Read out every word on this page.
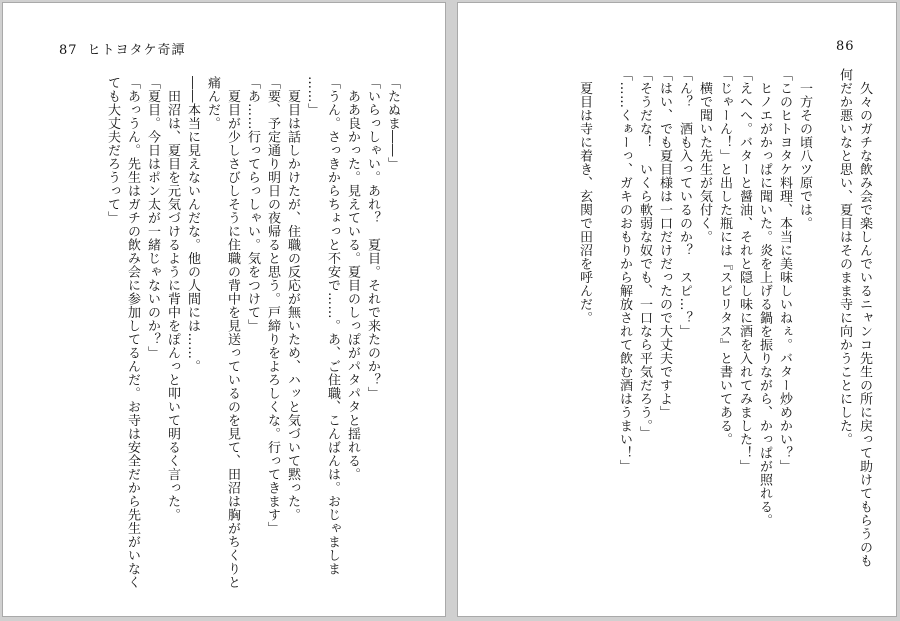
87 ヒトヨタケ奇譚
「たぬま――」
「いらっしゃい。あれ？　夏目。それで来たのか？」
　ああ良かった。見えている。夏目のしっぽがパタパタと揺れる。
「うん。さっきからちょっと不安で……。あ、ご住職、こんばんは。おじゃましま
……」
　夏目は話しかけたが、住職の反応が無いため、ハッと気づいて黙った。
「要、予定通り明日の夜帰ると思う。戸締りをよろしくな。行ってきます」
「あ……行ってらっしゃい。気をつけて」
　夏目が少しさびしそうに住職の背中を見送っているのを見て、田沼は胸がちくりと
痛んだ。
――本当に見えないんだな。他の人間には……。
　田沼は、夏目を元気づけるように背中をぽんっと叩いて明るく言った。
「夏目。今日はポン太が一緒じゃないのか？」
「あっうん。先生はガチの飲み会に参加してるんだ。お寺は安全だから先生がいなく
ても大丈夫だろうって」
86
　久々のガチな飲み会で楽しんでいるニャンコ先生の所に戻って助けてもらうのも
何だか悪いなと思い、夏目はそのまま寺に向かうことにした。

　一方その頃八ツ原では。
「このヒトヨタケ料理、本当に美味しいねぇ。バター炒めかい？」
　ヒノエがかっぱに聞いた。炎を上げる鍋を振りながら、かっぱが照れる。
「えへへ。バターと醤油、それと隠し味に酒を入れてみました！」
「じゃーん！」と出した瓶には『スピリタス』と書いてある。
　横で聞いた先生が気付く。
「ん？　酒も入っているのか？　スピ…？」
「はい、でも夏目様は一口だけだったので大丈夫ですよ」
「そうだな！　いくら軟弱な奴でも、一口なら平気だろう。」
「……くぁーっ、ガキのおもりから解放されて飲む酒はうまい！」

　夏目は寺に着き、玄関で田沼を呼んだ。
